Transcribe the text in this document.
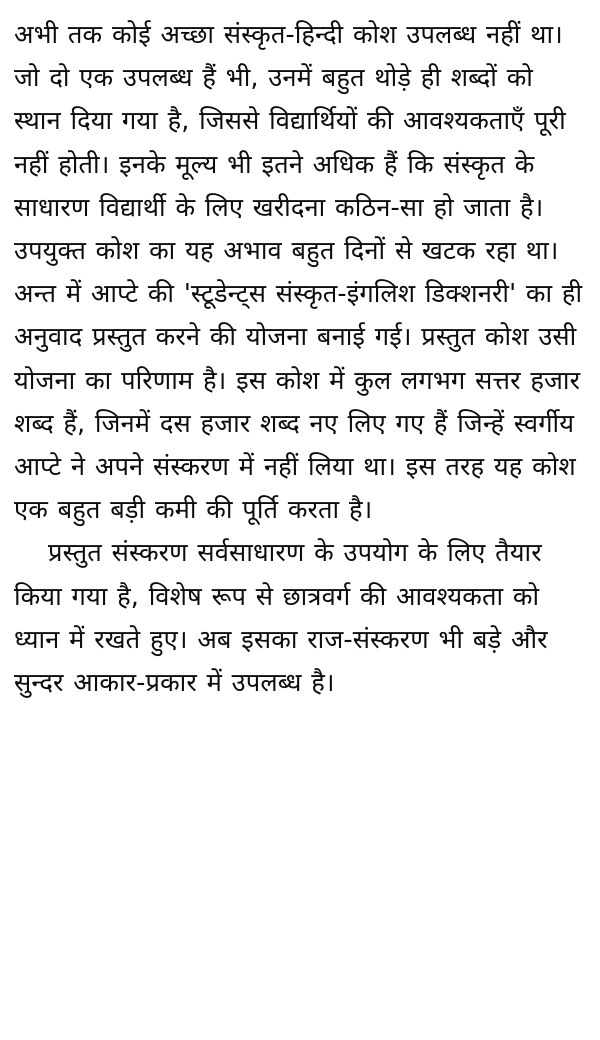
अभी तक कोई अच्छा संस्कृत-हिन्दी कोश उपलब्ध नहीं था। जो दो एक उपलब्ध हैं भी, उनमें बहुत थोड़े ही शब्दों को स्थान दिया गया है, जिससे विद्यार्थियों की आवश्यकताएँ पूरी नहीं होती। इनके मूल्य भी इतने अधिक हैं कि संस्कृत के साधारण विद्यार्थी के लिए खरीदना कठिन-सा हो जाता है। उपयुक्त कोश का यह अभाव बहुत दिनों से खटक रहा था। अन्त में आप्टे की 'स्टूडेन्ट्स संस्कृत-इंगलिश डिक्शनरी' का ही अनुवाद प्रस्तुत करने की योजना बनाई गई। प्रस्तुत कोश उसी योजना का परिणाम है। इस कोश में कुल लगभग सत्तर हजार शब्द हैं, जिनमें दस हजार शब्द नए लिए गए हैं जिन्हें स्वर्गीय आप्टे ने अपने संस्करण में नहीं लिया था। इस तरह यह कोश एक बहुत बड़ी कमी की पूर्ति करता है।

प्रस्तुत संस्करण सर्वसाधारण के उपयोग के लिए तैयार किया गया है, विशेष रूप से छात्रवर्ग की आवश्यकता को ध्यान में रखते हुए। अब इसका राज-संस्करण भी बड़े और सुन्दर आकार-प्रकार में उपलब्ध है।
